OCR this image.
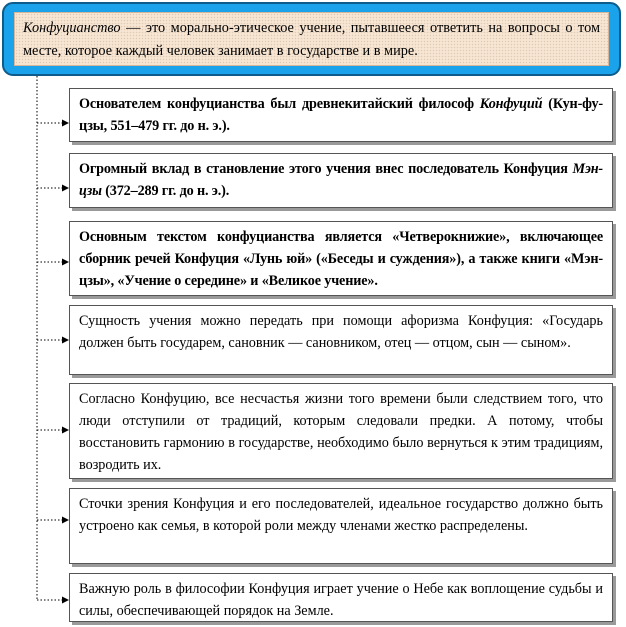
Конфуцианство — это морально-этическое учение, пытавшееся ответить на вопросы о том месте, которое каждый человек занимает в государстве и в мире.
Основателем конфуцианства был древнекитайский философ Конфуций (Кун-фу-цзы, 551–479 гг. до н. э.).
Огромный вклад в становление этого учения внес последователь Конфуция Мэн-цзы (372–289 гг. до н. э.).
Основным текстом конфуцианства является «Четверокнижие», включающее сборник речей Конфуция «Лунь юй» («Беседы и суждения»), а также книги «Мэн-цзы», «Учение о середине» и «Великое учение».
Сущность учения можно передать при помощи афоризма Конфуция: «Государь должен быть государем, сановник — сановником, отец — отцом, сын — сыном».
Согласно Конфуцию, все несчастья жизни того времени были следствием того, что люди отступили от традиций, которым следовали предки. А потому, чтобы восстановить гармонию в государстве, необходимо было вернуться к этим традициям, возродить их.
Сточки зрения Конфуция и его последователей, идеальное государство должно быть устроено как семья, в которой роли между членами жестко распределены.
Важную роль в философии Конфуция играет учение о Небе как воплощение судьбы и силы, обеспечивающей порядок на Земле.
